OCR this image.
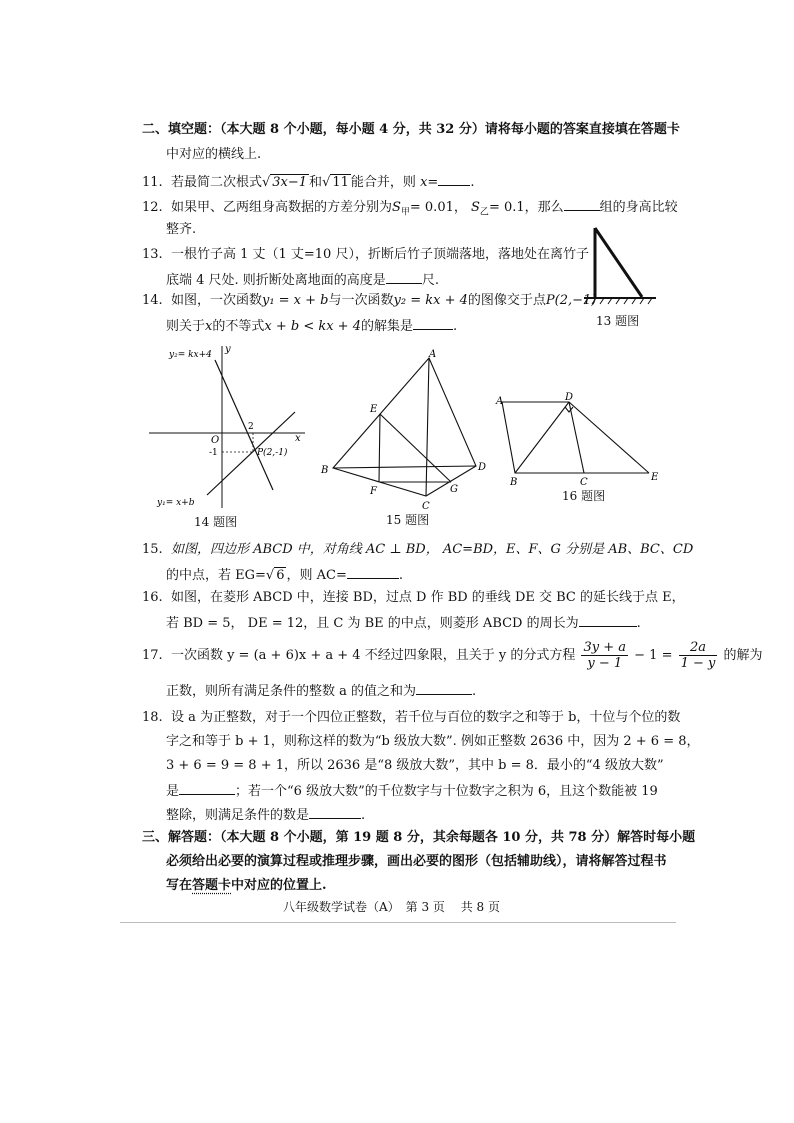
二、填空题：（本大题 8 个小题，每小题 4 分，共 32 分）请将每小题的答案直接填在答题卡
中对应的横线上.
11. 若最简二次根式√ 3x−1 和√ 11 能合并，则 x= .
12. 如果甲、乙两组身高数据的方差分别为$S_甲= 0.01$， $S_乙= 0.1$，那么	组的身高比较
整齐.
13. 一根竹子高 1 丈（1 丈=10 尺），折断后竹子顶端落地，落地处在离竹子
底端 4 尺处. 则折断处离地面的高度是	尺.
13 题图
14. 如图，一次函数y₁ = x + b与一次函数y₂ = kx + 4的图像交于点P(2,−1)
则关于x的不等式x + b < kx + 4的解集是	.
y
x
O
-1
2
P(2,-1)
y₂= kx+4
y₁= x+b
14 题图
A
B
C
D
E
F	G
15 题图
A	D
B	C	E
16 题图
15. 如图，四边形 ABCD 中，对角线 AC ⊥ BD， AC=BD，E、F、G 分别是 AB、BC、CD
的中点，若 EG=√ 6 ，则 AC=	.
16. 如图，在菱形 ABCD 中，连接 BD，过点 D 作 BD 的垂线 DE 交 BC 的延长线于点 E，
若 BD = 5， DE = 12，且 C 为 BE 的中点，则菱形 ABCD 的周长为	.
17. 一次函数 y = (a + 6)x + a + 4 不经过四象限，且关于 y 的分式方程 $\frac{3y + a}{y - 1} - 1 = \frac{2a}{1 - y}$ 的解为
正数，则所有满足条件的整数 a 的值之和为	.
18. 设 a 为正整数，对于一个四位正整数，若千位与百位的数字之和等于 b，十位与个位的数
字之和等于 b + 1，则称这样的数为“b 级放大数”. 例如正整数 2636 中，因为 2 + 6 = 8，
3 + 6 = 9 = 8 + 1，所以 2636 是“8 级放大数”，其中 b = 8．最小的“4 级放大数”
是	；若一个“6 级放大数”的千位数字与十位数字之积为 6，且这个数能被 19
整除，则满足条件的数是	.
三、解答题：（本大题 8 个小题，第 19 题 8 分，其余每题各 10 分，共 78 分）解答时每小题
必须给出必要的演算过程或推理步骤，画出必要的图形（包括辅助线），请将解答过程书
写在答题卡中对应的位置上.
八年级数学试卷（A）　第 3 页　 共 8 页
